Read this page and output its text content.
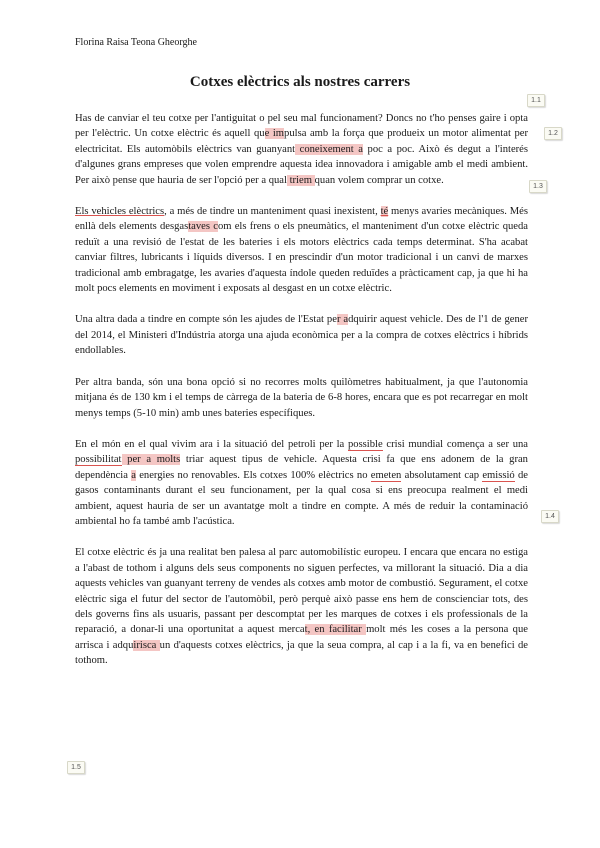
Florina Raisa Teona Gheorghe
Cotxes elèctrics als nostres carrers
1.1
1.2
1.3
1.4
1.5

Has de canviar el teu cotxe per l'antiguitat o pel seu mal funcionament? Doncs no t'ho penses gaire i opta per l'elèctric. Un cotxe elèctric és aquell que impulsa amb la força que produeix un motor alimentat per electricitat. Els automòbils elèctrics van guanyant coneixement a poc a poc. Això és degut a l'interés d'algunes grans empreses que volen emprendre aquesta idea innovadora i amigable amb el medi ambient. Per això pense que hauria de ser l'opció per a qual triem quan volem comprar un cotxe.

Els vehicles elèctrics, a més de tindre un manteniment quasi inexistent, té menys avaries mecàniques. Més enllà dels elements desgastaves com els frens o els pneumàtics, el manteniment d'un cotxe elèctric queda reduït a una revisió de l'estat de les bateries i els motors elèctrics cada temps determinat. S'ha acabat canviar filtres, lubricants i líquids diversos. I en prescindir d'un motor tradicional i un canvi de marxes tradicional amb embragatge, les avaries d'aquesta índole queden reduïdes a pràcticament cap, ja que hi ha molt pocs elements en moviment i exposats al desgast en un cotxe elèctric.

Una altra dada a tindre en compte són les ajudes de l'Estat per adquirir aquest vehicle. Des de l'1 de gener del 2014, el Ministeri d'Indústria atorga una ajuda econòmica per a la compra de cotxes elèctrics i híbrids endollables.

Per altra banda, són una bona opció si no recorres molts quilòmetres habitualment, ja que l'autonomia mitjana és de 130 km i el temps de càrrega de la bateria de 6-8 hores, encara que es pot recarregar en molt menys temps (5-10 min) amb unes bateries específiques.

En el món en el qual vivim ara i la situació del petroli per la possible crisi mundial comença a ser una possibilitat per a molts triar aquest tipus de vehicle. Aquesta crisi fa que ens adonem de la gran dependència a energies no renovables. Els cotxes 100% elèctrics no emeten absolutament cap emissió de gasos contaminants durant el seu funcionament, per la qual cosa si ens preocupa realment el medi ambient, aquest hauria de ser un avantatge molt a tindre en compte. A més de reduir la contaminació ambiental ho fa també amb l'acústica.

El cotxe elèctric és ja una realitat ben palesa al parc automobilístic europeu. I encara que encara no estiga a l'abast de tothom i alguns dels seus components no siguen perfectes, va millorant la situació. Dia a dia aquests vehicles van guanyant terreny de vendes als cotxes amb motor de combustió. Segurament, el cotxe elèctric siga el futur del sector de l'automòbil, però perquè això passe ens hem de conscienciar tots, des dels governs fins als usuaris, passant per descomptat per les marques de cotxes i els professionals de la reparació, a donar-li una oportunitat a aquest mercat, en facilitar molt més les coses a la persona que arrisca i adquirisca un d'aquests cotxes elèctrics, ja que la seua compra, al cap i a la fi, va en benefici de tothom.
